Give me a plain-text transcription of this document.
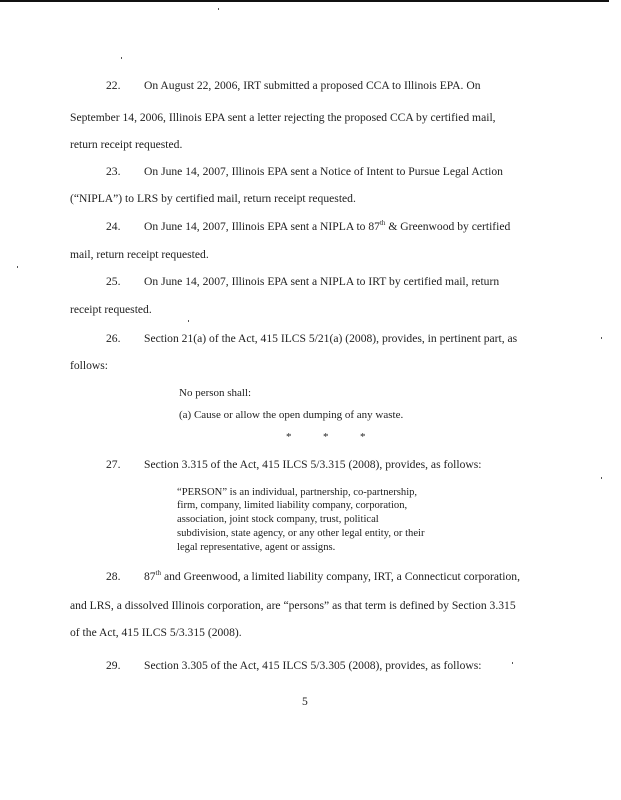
22. On August 22, 2006, IRT submitted a proposed CCA to Illinois EPA. On
September 14, 2006, Illinois EPA sent a letter rejecting the proposed CCA by certified mail,
return receipt requested.
23. On June 14, 2007, Illinois EPA sent a Notice of Intent to Pursue Legal Action
(“NIPLA”) to LRS by certified mail, return receipt requested.
24. On June 14, 2007, Illinois EPA sent a NIPLA to 87th & Greenwood by certified
mail, return receipt requested.
25. On June 14, 2007, Illinois EPA sent a NIPLA to IRT by certified mail, return
receipt requested.
26. Section 21(a) of the Act, 415 ILCS 5/21(a) (2008), provides, in pertinent part, as
follows:
No person shall:
(a) Cause or allow the open dumping of any waste.
*	*	*
27. Section 3.315 of the Act, 415 ILCS 5/3.315 (2008), provides, as follows:
“PERSON” is an individual, partnership, co-partnership,
firm, company, limited liability company, corporation,
association, joint stock company, trust, political
subdivision, state agency, or any other legal entity, or their
legal representative, agent or assigns.
28. 87th and Greenwood, a limited liability company, IRT, a Connecticut corporation,
and LRS, a dissolved Illinois corporation, are “persons” as that term is defined by Section 3.315
of the Act, 415 ILCS 5/3.315 (2008).
29. Section 3.305 of the Act, 415 ILCS 5/3.305 (2008), provides, as follows:
5
